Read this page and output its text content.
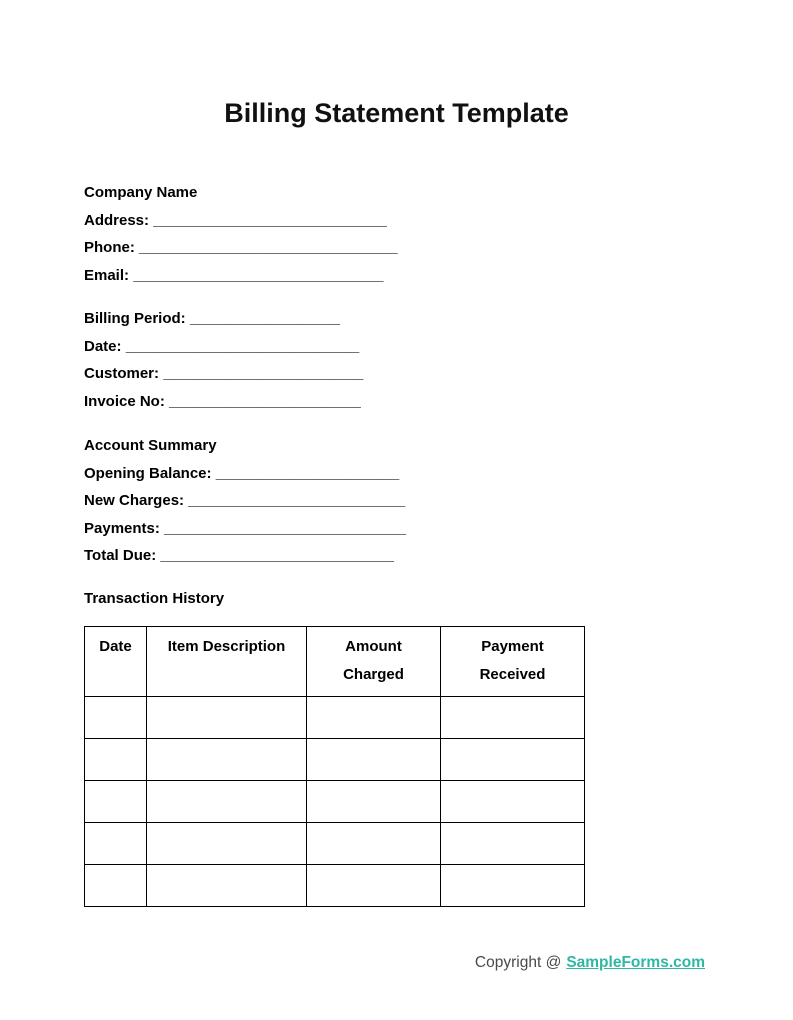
Billing Statement Template

Company Name

Address: ____________________________

Phone: _______________________________

Email: ______________________________

Billing Period: __________________

Date: ____________________________

Customer: ________________________

Invoice No: _______________________

Account Summary

Opening Balance: ______________________

New Charges: __________________________

Payments: _____________________________

Total Due: ____________________________

Transaction History

Date	Item Description	Amount Charged	Payment Received

Copyright @ SampleForms.com
